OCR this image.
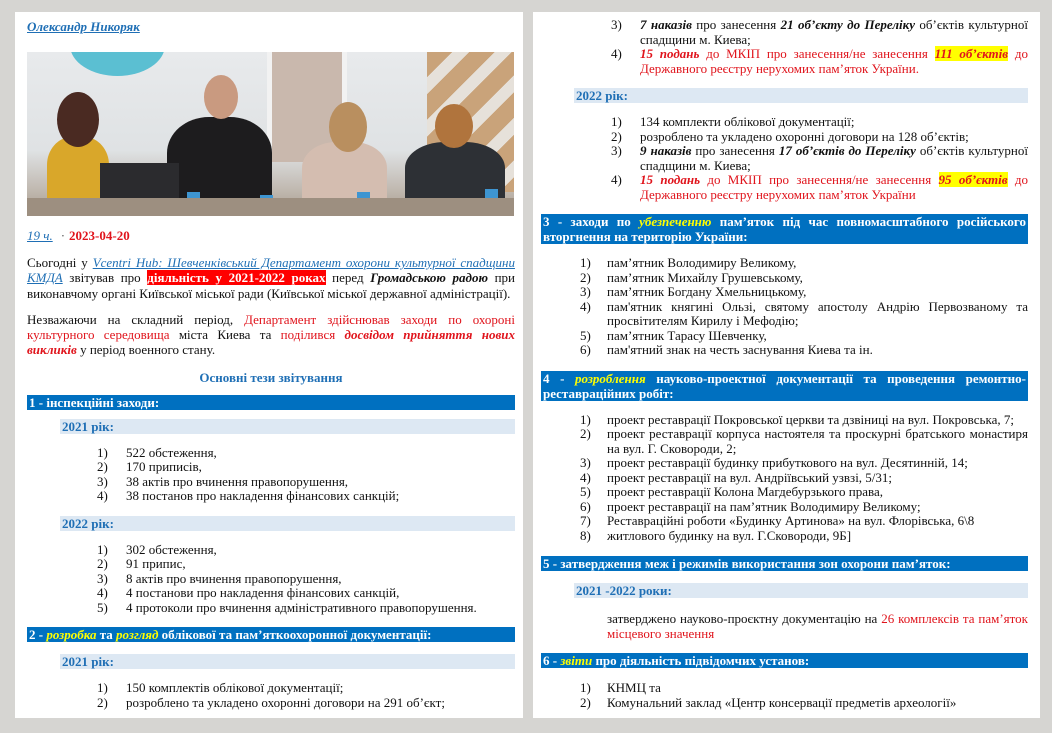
Олександр Никоряк
19 ч. · 2023-04-20

Сьогодні у Vcentri Hub: Шевченківський Департамент охорони культурної спадщини КМДА звітував про діяльність у 2021-2022 роках перед Громадською радою при виконавчому органі Київської міської ради (Київської міської державної адміністрації).

Незважаючи на складний період, Департамент здійснював заходи по охороні культурного середовища міста Киева та поділився досвідом прийняття нових викликів у період военного стану.

Основні тези звітування
1 - інспекційні заходи:
2021 рік:
1) 522 обстеження,
2) 170 приписів,
3) 38 актів про вчинення правопорушення,
4) 38 постанов про накладення фінансових санкцій;
2022 рік:
1) 302 обстеження,
2) 91 припис,
3) 8 актів про вчинення правопорушення,
4) 4 постанови про накладення фінансових санкцій,
5) 4 протоколи про вчинення адміністративного правопорушення.
2 - розробка та розгляд облікової та пам’яткоохоронної документації:
2021 рік:
1) 150 комплектів облікової документації;
2) розроблено та укладено охоронні договори на 291 об’єкт;
3) 7 наказів про занесення 21 об’єкту до Переліку об’єктів культурної спадщини м. Киева;
4) 15 подань до МКІП про занесення/не занесення 111 об’єктів до Державного реєстру нерухомих пам’яток України.
2022 рік:
1) 134 комплекти облікової документації;
2) розроблено та укладено охоронні договори на 128 об’єктів;
3) 9 наказів про занесення 17 об’єктів до Переліку об’єктів культурної спадщини м. Киева;
4) 15 подань до МКІП про занесення/не занесення 95 об’єктів до Державного реєстру нерухомих пам’яток України
3 - заходи по убезпеченню пам’яток під час повномасштабного російського вторгнення на територію України:
1) пам’ятник Володимиру Великому,
2) пам’ятник Михайлу Грушевському,
3) пам’ятник Богдану Хмельницькому,
4) пам'ятник княгині Ользі, святому апостолу Андрію Первозваному та просвітителям Кирилу і Мефодію;
5) пам’ятник Тарасу Шевченку,
6) пам'ятний знак на честь заснування Киева та ін.
4 - розроблення науково-проектної документації та проведення ремонтно-реставраційних робіт:
1) проект реставрації Покровської церкви та дзвіниці на вул. Покровська, 7;
2) проект реставрації корпуса настоятеля та проскурні братського монастиря на вул. Г. Сковороди, 2;
3) проект реставрації будинку прибуткового на вул. Десятинній, 14;
4) проект реставрації на вул. Андріївський узвзі, 5/31;
5) проект реставрації Колона Магдебурзького права,
6) проект реставрації на пам’ятник Володимиру Великому;
7) Реставраційні роботи «Будинку Артинова» на вул. Флорівська, 6\8
8) житлового будинку на вул. Г.Сковороди, 9Б]
5 - затвердження меж і режимів використання зон охорони пам’яток:
2021 -2022 роки:
затверджено науково-проєктну документацію на 26 комплексів та пам’яток місцевого значення
6 - звіти про діяльність підвідомчих установ:
1) КНМЦ та
2) Комунальний заклад «Центр консервації предметів археології»
